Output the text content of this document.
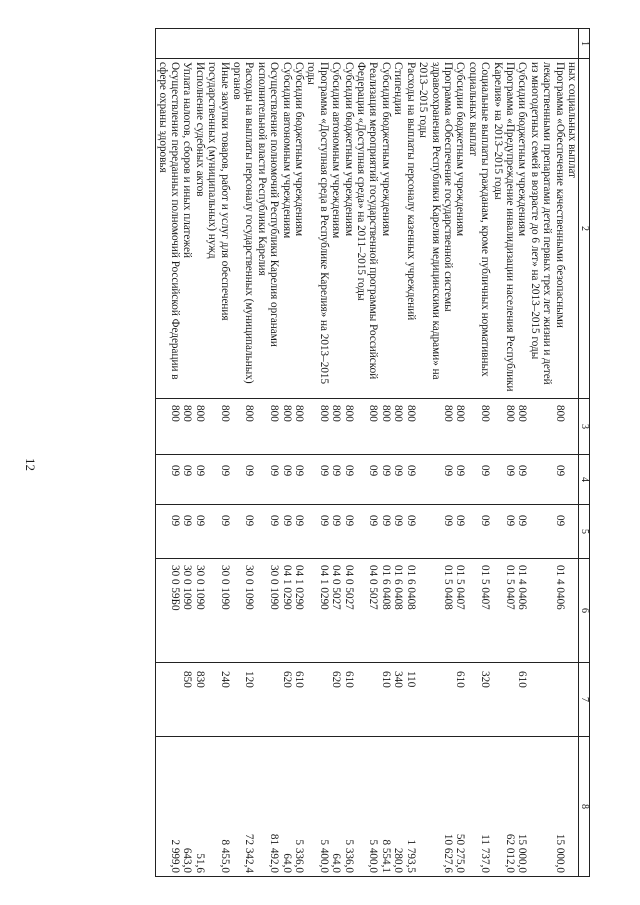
12
1	2	3	4	5	6	7	8
	ных социальных выплат						
	Программа «Обеспечение качественными безопасными лекарственными препаратами детей первых трех лет жизни и детей из многодетных семей в возрасте до 6 лет» на 2013–2015 годы	800	09	09	01 4 0406		15 000,0
	Субсидии бюджетным учреждениям	800	09	09	01 4 0406	610	15 000,0
	Программа «Предупреждение инвалидизации населения Республики Карелия» на 2013–2015 годы	800	09	09	01 5 0407		62 012,0
	Социальные выплаты гражданам, кроме публичных нормативных социальных выплат	800	09	09	01 5 0407	320	11 737,0
	Субсидии бюджетным учреждениям	800	09	09	01 5 0407	610	50 275,0
	Программа «Обеспечение государственной системы здравоохранения Республики Карелия медицинскими кадрами» на 2013–2015 годы	800	09	09	01 5 0408		10 627,6
	Расходы на выплаты персоналу казенных учреждений	800	09	09	01 6 0408	110	1 793,5
	Стипендии	800	09	09	01 6 0408	340	280,0
	Субсидии бюджетным учреждениям	800	09	09	01 6 0408	610	8 554,1
	Реализация мероприятий государственной программы Российской Федерации «Доступная среда» на 2011–2015 годы	800	09	09	04 0 5027		5 400,0
	Субсидии бюджетным учреждениям	800	09	09	04 0 5027	610	5 336,0
	Субсидии автономным учреждениям	800	09	09	04 0 5027	620	64,0
	Программа «Доступная среда в Республике Карелия» на 2013–2015 годы	800	09	09	04 1 0290		5 400,0
	Субсидии бюджетным учреждениям	800	09	09	04 1 0290	610	5 336,0
	Субсидии автономным учреждениям	800	09	09	04 1 0290	620	64,0
	Осуществление полномочий Республики Карелия органами исполнительной власти Республики Карелия	800	09	09	30 0 1090		81 492,0
	Расходы на выплаты персоналу государственных (муниципальных) органов	800	09	09	30 0 1090	120	72 342,4
	Иные закупки товаров, работ и услуг для обеспечения государственных (муниципальных) нужд	800	09	09	30 0 1090	240	8 455,0
	Исполнение судебных актов	800	09	09	30 0 1090	830	51,6
	Уплата налогов, сборов и иных платежей	800	09	09	30 0 1090	850	643,0
	Осуществление переданных полномочий Российской Федерации в сфере охраны здоровья	800	09	09	30 0 59Б0		2 999,0
